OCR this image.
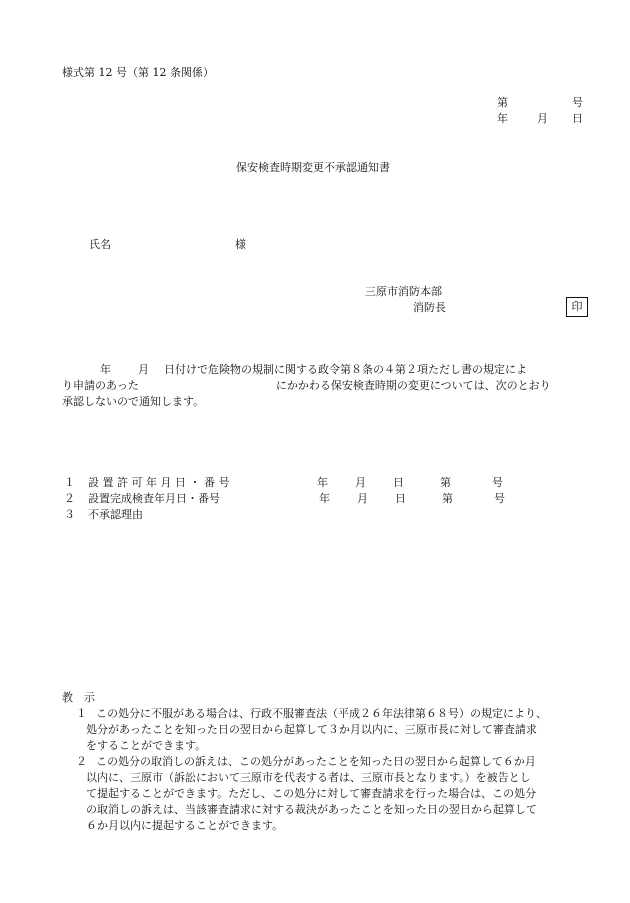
様式第 12 号（第 12 条関係）
第	号
年	月 日
保安検査時期変更不承認通知書
氏名	様
三原市消防本部
消防長	印
年 月 日付けで危険物の規制に関する政令第８条の４第２項ただし書の規定によ
り申請のあった	にかかわる保安検査時期の変更については、次のとおり
承認しないので通知します。
１ 設 置 許 可 年 月 日 ・ 番 号	年 月 日	第	号
２ 設置完成検査年月日・番号	年 月 日	第	号
３ 不承認理由
教　示
１ この処分に不服がある場合は、行政不服審査法（平成２６年法律第６８号）の規定により、
処分があったことを知った日の翌日から起算して３か月以内に、三原市長に対して審査請求
をすることができます。
２ この処分の取消しの訴えは、この処分があったことを知った日の翌日から起算して６か月
以内に、三原市（訴訟において三原市を代表する者は、三原市長となります。）を被告とし
て提起することができます。ただし、この処分に対して審査請求を行った場合は、この処分
の取消しの訴えは、当該審査請求に対する裁決があったことを知った日の翌日から起算して
６か月以内に提起することができます。
